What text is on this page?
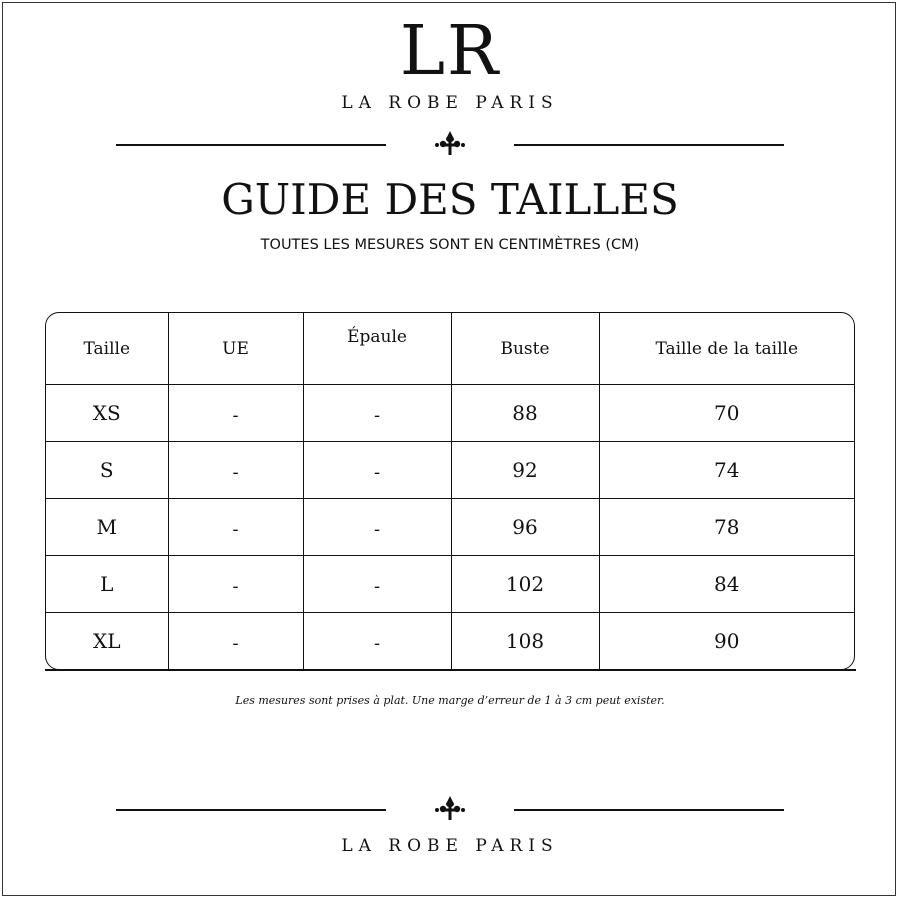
LR
LA ROBE PARIS
GUIDE DES TAILLES
TOUTES LES MESURES SONT EN CENTIMÈTRES (CM)
Taille	UE	Épaule	Buste	Taille de la taille
XS	-	-	88	70
S	-	-	92	74
M	-	-	96	78
L	-	-	102	84
XL	-	-	108	90

Les mesures sont prises à plat. Une marge d’erreur de 1 à 3 cm peut exister.
LA ROBE PARIS
